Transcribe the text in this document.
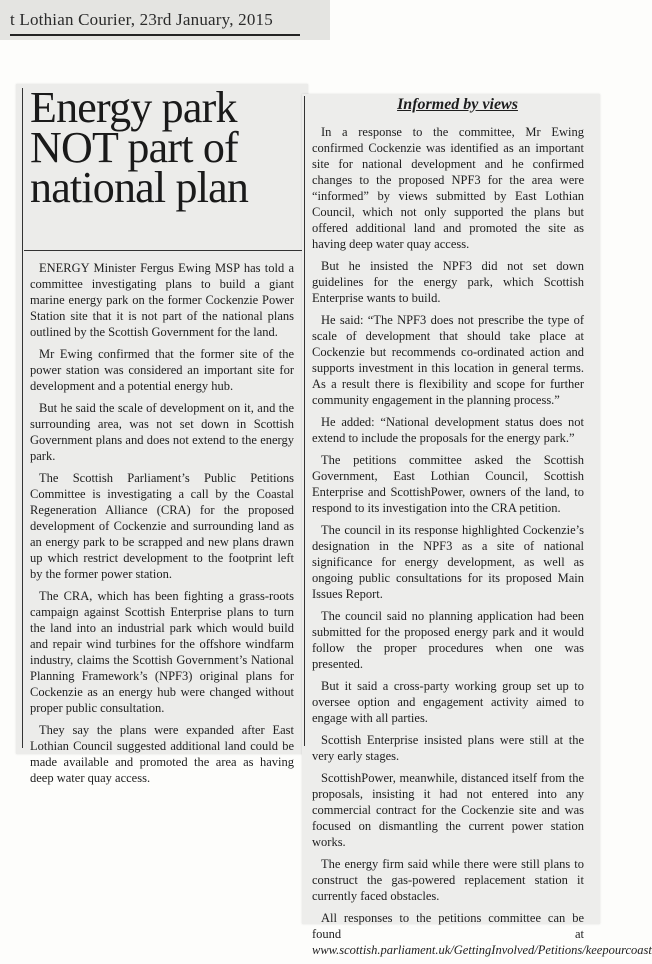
t Lothian Courier, 23rd January, 2015
Energy park
NOT part of
national plan

ENERGY Minister Fergus Ewing MSP has told a committee investigating plans to build a giant marine energy park on the former Cockenzie Power Station site that it is not part of the national plans outlined by the Scottish Government for the land.

Mr Ewing confirmed that the former site of the power station was considered an important site for development and a potential energy hub.

But he said the scale of development on it, and the surrounding area, was not set down in Scottish Government plans and does not extend to the energy park.

The Scottish Parliament’s Public Petitions Committee is investigating a call by the Coastal Regeneration Alliance (CRA) for the proposed development of Cockenzie and surrounding land as an energy park to be scrapped and new plans drawn up which restrict development to the footprint left by the former power station.

The CRA, which has been fighting a grass-roots campaign against Scottish Enterprise plans to turn the land into an industrial park which would build and repair wind turbines for the offshore windfarm industry, claims the Scottish Government’s National Planning Framework’s (NPF3) original plans for Cockenzie as an energy hub were changed without proper public consultation.

They say the plans were expanded after East Lothian Council suggested additional land could be made available and promoted the area as having deep water quay access.

Informed by views

In a response to the committee, Mr Ewing confirmed Cockenzie was identified as an important site for national development and he confirmed changes to the proposed NPF3 for the area were “informed” by views submitted by East Lothian Council, which not only supported the plans but offered additional land and promoted the site as having deep water quay access.

But he insisted the NPF3 did not set down guidelines for the energy park, which Scottish Enterprise wants to build.

He said: “The NPF3 does not prescribe the type of scale of development that should take place at Cockenzie but recommends co-ordinated action and supports investment in this location in general terms. As a result there is flexibility and scope for further community engagement in the planning process.”

He added: “National development status does not extend to include the proposals for the energy park.”

The petitions committee asked the Scottish Government, East Lothian Council, Scottish Enterprise and ScottishPower, owners of the land, to respond to its investigation into the CRA petition.

The council in its response highlighted Cockenzie’s designation in the NPF3 as a site of national significance for energy development, as well as ongoing public consultations for its proposed Main Issues Report.

The council said no planning application had been submitted for the proposed energy park and it would follow the proper procedures when one was presented.

But it said a cross-party working group set up to oversee option and engagement activity aimed to engage with all parties.

Scottish Enterprise insisted plans were still at the very early stages.

ScottishPower, meanwhile, distanced itself from the proposals, insisting it had not entered into any commercial contract for the Cockenzie site and was focused on dismantling the current power station works.

The energy firm said while there were still plans to construct the gas-powered replacement station it currently faced obstacles.

All responses to the petitions committee can be found at www.scottish.parliament.uk/GettingInvolved/Petitions/keepourcoast
